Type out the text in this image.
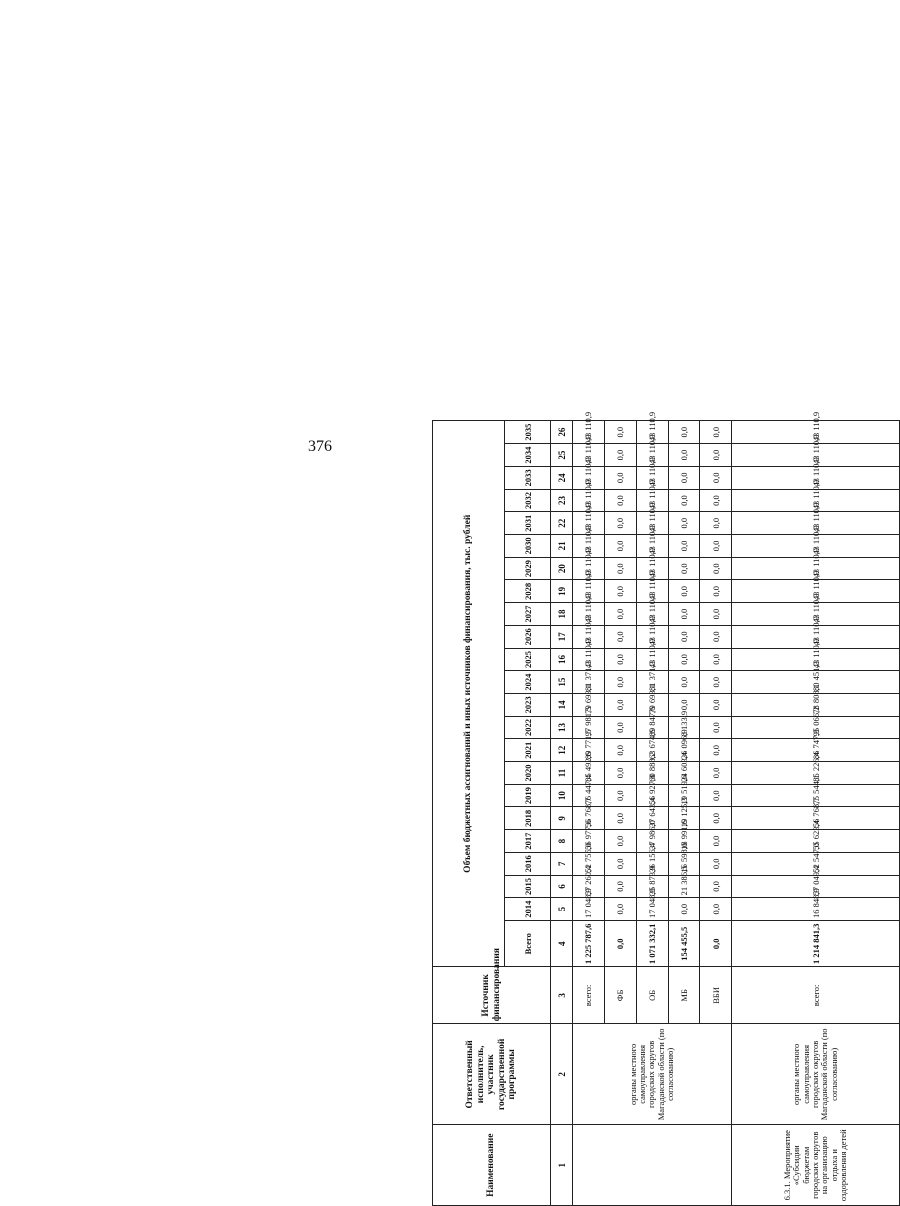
376
Наименование	Ответственный исполнитель, участник государственной программы	Источник финансирования	Объем бюджетных ассигнований и иных источников финансирования, тыс. рублей																						
			Всего	2014	2015	2016	2017	2018	2019	2020	2021	2022	2023	2024	2025	2026	2027	2028	2029	2030	2031	2032	2033	2034	2035
1	2	3	4	5	6	7	8	9	10	11	12	13	14	15	16	17	18	19	20	21	22	23	24	25	26
	органы местного самоуправления городских округов Магаданской области (по согласованию)	всего:	1 225 787,6	17 048,9	57 260,4	52 755,0	56 977,6	56 768,7	76 447,4	85 492,6	89 771,5	97 981,5	79 693,1	81 371,3	43 110,9	43 110,9	43 110,9	43 110,9	43 110,9	43 110,9	43 110,9	43 110,9	43 110,9	43 110,9	43 110,9
		ФБ	0,0	0,0	0,0	0,0	0,0	0,0	0,0	0,0	0,0	0,0	0,0	0,0	0,0	0,0	0,0	0,0	0,0	0,0	0,0	0,0	0,0	0,0	0,0
		ОБ	1 071 332,1	17 048,9	35 873,9	36 156,4	37 986,0	37 643,4	56 927,8	60 888,2	63 674,6	89 847,6	79 693,1	81 371,3	43 110,9	43 110,9	43 110,9	43 110,9	43 110,9	43 110,9	43 110,9	43 110,9	43 110,9	43 110,9	43 110,9
		МБ	154 455,5	0,0	21 386,5	16 598,6	18 991,6	19 125,3	19 519,6	24 603,4	26 096,9	8 133,9	0,0	0,0	0,0	0,0	0,0	0,0	0,0	0,0	0,0	0,0	0,0	0,0	0,0
		ВБИ	0,0	0,0	0,0	0,0	0,0	0,0	0,0	0,0	0,0	0,0	0,0	0,0	0,0	0,0	0,0	0,0	0,0	0,0	0,0	0,0	0,0	0,0	0,0
6.3.1. Мероприятие «Субсидии бюджетам городских округов на организацию отдыха и оздоровления детей	органы местного самоуправления городских округов Магаданской области (по согласованию)	всего:	1 214 841,3	16 848,9	57 049,4	52 547,0	55 623,4	56 768,7	75 544,1	85 226,4	86 747,9	95 066,2	78 808,1	80 451,3	43 110,9	43 110,9	43 110,9	43 110,9	43 110,9	43 110,9	43 110,9	43 110,9	43 110,9	43 110,9	43 110,9
